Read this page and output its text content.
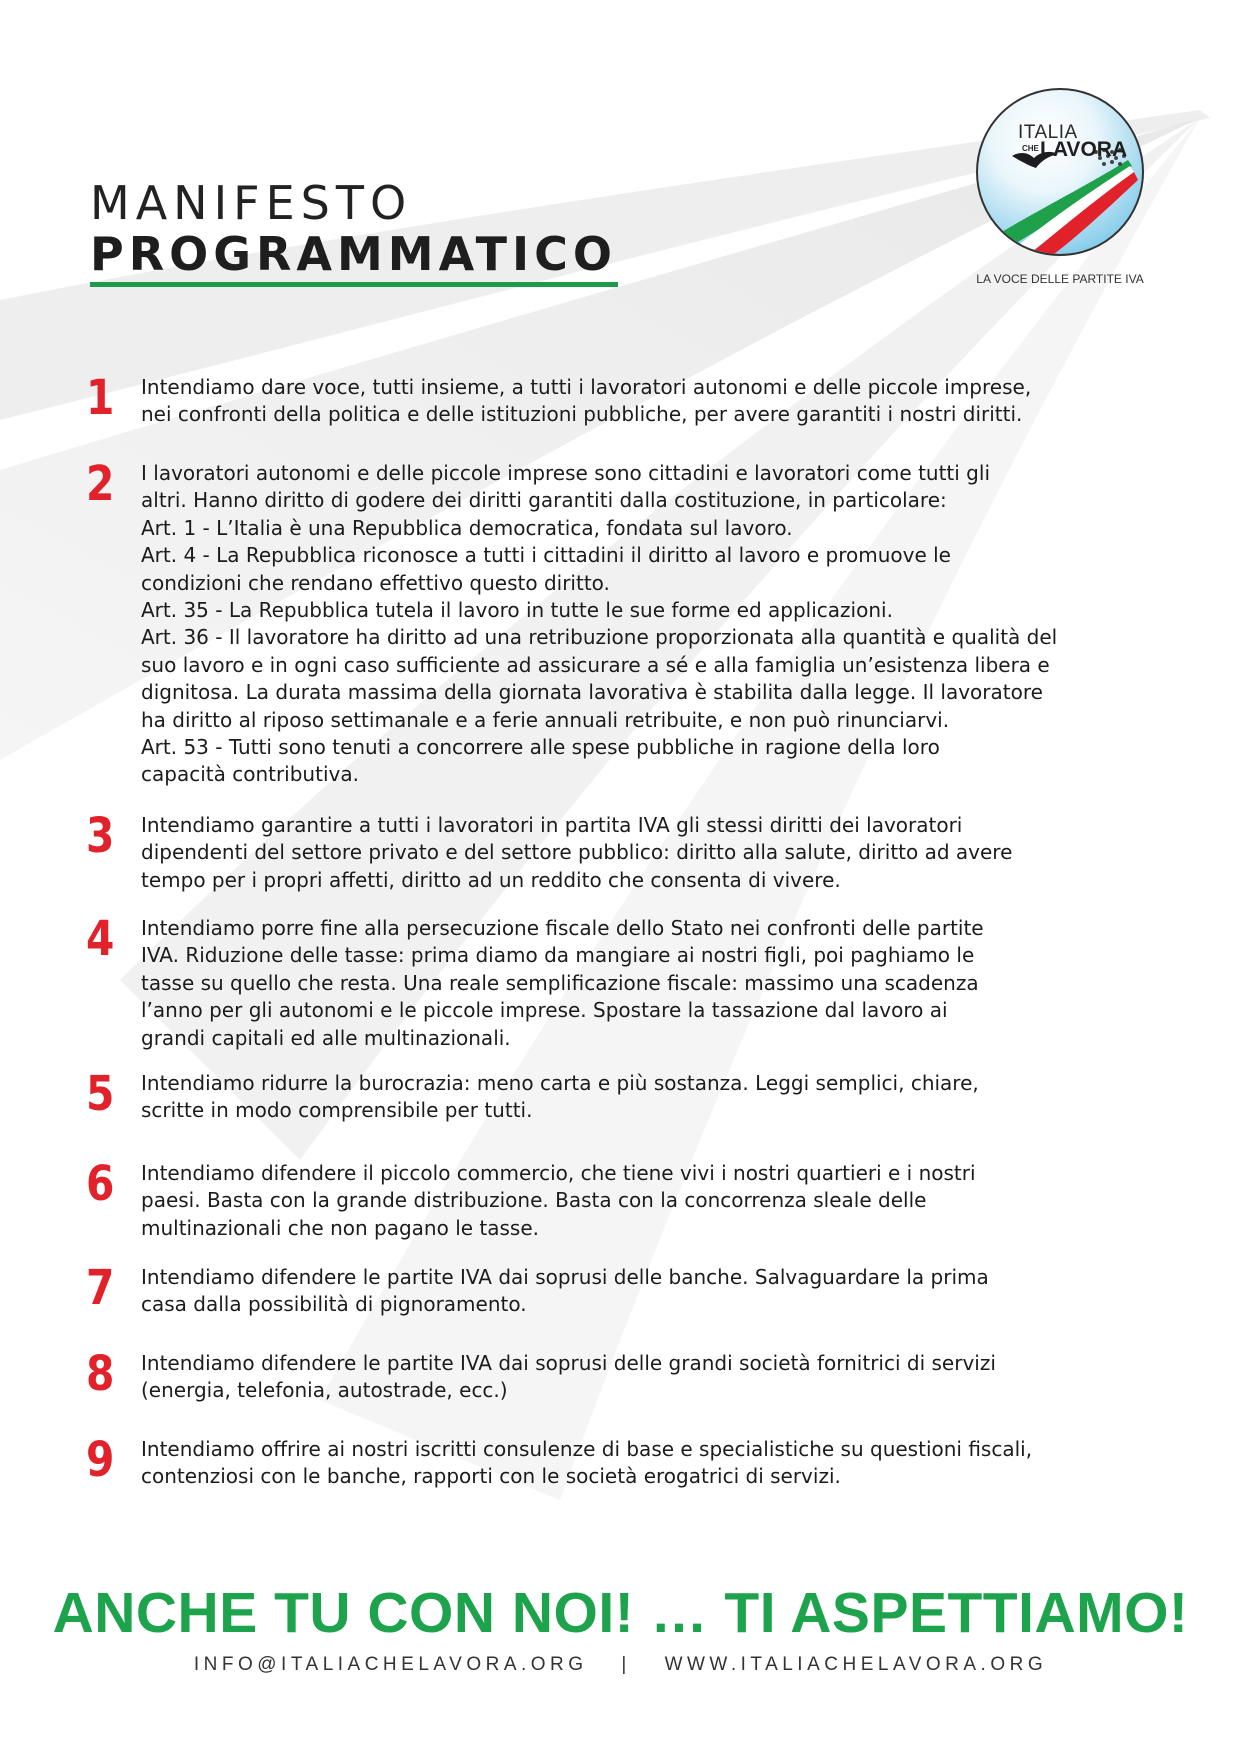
MANIFESTO
PROGRAMMATICO
ITALIA
CHE LAVORA
LA VOCE DELLE PARTITE IVA
1 Intendiamo dare voce, tutti insieme, a tutti i lavoratori autonomi e delle piccole imprese,
nei confronti della politica e delle istituzioni pubbliche, per avere garantiti i nostri diritti.

2 I lavoratori autonomi e delle piccole imprese sono cittadini e lavoratori come tutti gli
altri. Hanno diritto di godere dei diritti garantiti dalla costituzione, in particolare:
Art. 1 - L’Italia è una Repubblica democratica, fondata sul lavoro.
Art. 4 - La Repubblica riconosce a tutti i cittadini il diritto al lavoro e promuove le
condizioni che rendano effettivo questo diritto.
Art. 35 - La Repubblica tutela il lavoro in tutte le sue forme ed applicazioni.
Art. 36 - Il lavoratore ha diritto ad una retribuzione proporzionata alla quantità e qualità del
suo lavoro e in ogni caso sufficiente ad assicurare a sé e alla famiglia un’esistenza libera e
dignitosa. La durata massima della giornata lavorativa è stabilita dalla legge. Il lavoratore
ha diritto al riposo settimanale e a ferie annuali retribuite, e non può rinunciarvi.
Art. 53 - Tutti sono tenuti a concorrere alle spese pubbliche in ragione della loro
capacità contributiva.

3 Intendiamo garantire a tutti i lavoratori in partita IVA gli stessi diritti dei lavoratori
dipendenti del settore privato e del settore pubblico: diritto alla salute, diritto ad avere
tempo per i propri affetti, diritto ad un reddito che consenta di vivere.

4 Intendiamo porre fine alla persecuzione fiscale dello Stato nei confronti delle partite
IVA. Riduzione delle tasse: prima diamo da mangiare ai nostri figli, poi paghiamo le
tasse su quello che resta. Una reale semplificazione fiscale: massimo una scadenza
l’anno per gli autonomi e le piccole imprese. Spostare la tassazione dal lavoro ai
grandi capitali ed alle multinazionali.

5 Intendiamo ridurre la burocrazia: meno carta e più sostanza. Leggi semplici, chiare,
scritte in modo comprensibile per tutti.

6 Intendiamo difendere il piccolo commercio, che tiene vivi i nostri quartieri e i nostri
paesi. Basta con la grande distribuzione. Basta con la concorrenza sleale delle
multinazionali che non pagano le tasse.

7 Intendiamo difendere le partite IVA dai soprusi delle banche. Salvaguardare la prima
casa dalla possibilità di pignoramento.

8 Intendiamo difendere le partite IVA dai soprusi delle grandi società fornitrici di servizi
(energia, telefonia, autostrade, ecc.)

9 Intendiamo offrire ai nostri iscritti consulenze di base e specialistiche su questioni fiscali,
contenziosi con le banche, rapporti con le società erogatrici di servizi.

ANCHE TU CON NOI! … TI ASPETTIAMO!
INFO@ITALIACHELAVORA.ORG | WWW.ITALIACHELAVORA.ORG
